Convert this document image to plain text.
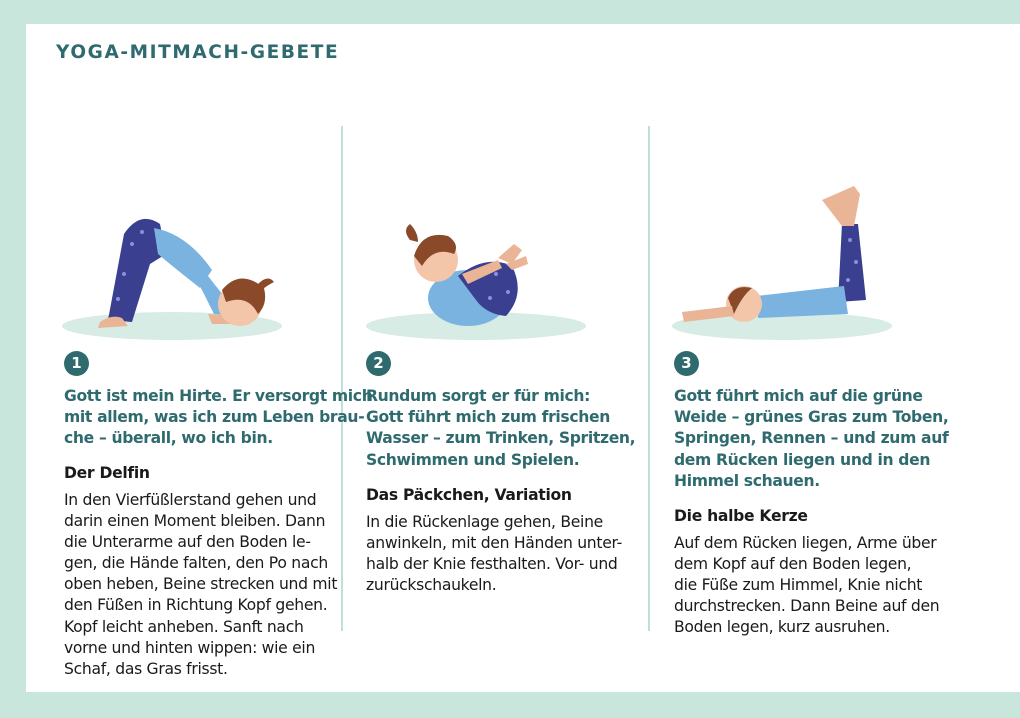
YOGA-MITMACH-GEBETE
1
Gott ist mein Hirte. Er versorgt mich
mit allem, was ich zum Leben brau-
che – überall, wo ich bin.
Der Delfin
In den Vierfüßlerstand gehen und
darin einen Moment bleiben. Dann
die Unterarme auf den Boden le-
gen, die Hände falten, den Po nach
oben heben, Beine strecken und mit
den Füßen in Richtung Kopf gehen.
Kopf leicht anheben. Sanft nach
vorne und hinten wippen: wie ein
Schaf, das Gras frisst.
2
Rundum sorgt er für mich:
Gott führt mich zum frischen
Wasser – zum Trinken, Spritzen,
Schwimmen und Spielen.
Das Päckchen, Variation
In die Rückenlage gehen, Beine
anwinkeln, mit den Händen unter-
halb der Knie festhalten. Vor- und
zurückschaukeln.
3
Gott führt mich auf die grüne
Weide – grünes Gras zum Toben,
Springen, Rennen – und zum auf
dem Rücken liegen und in den
Himmel schauen.
Die halbe Kerze
Auf dem Rücken liegen, Arme über
dem Kopf auf den Boden legen,
die Füße zum Himmel, Knie nicht
durchstrecken. Dann Beine auf den
Boden legen, kurz ausruhen.
